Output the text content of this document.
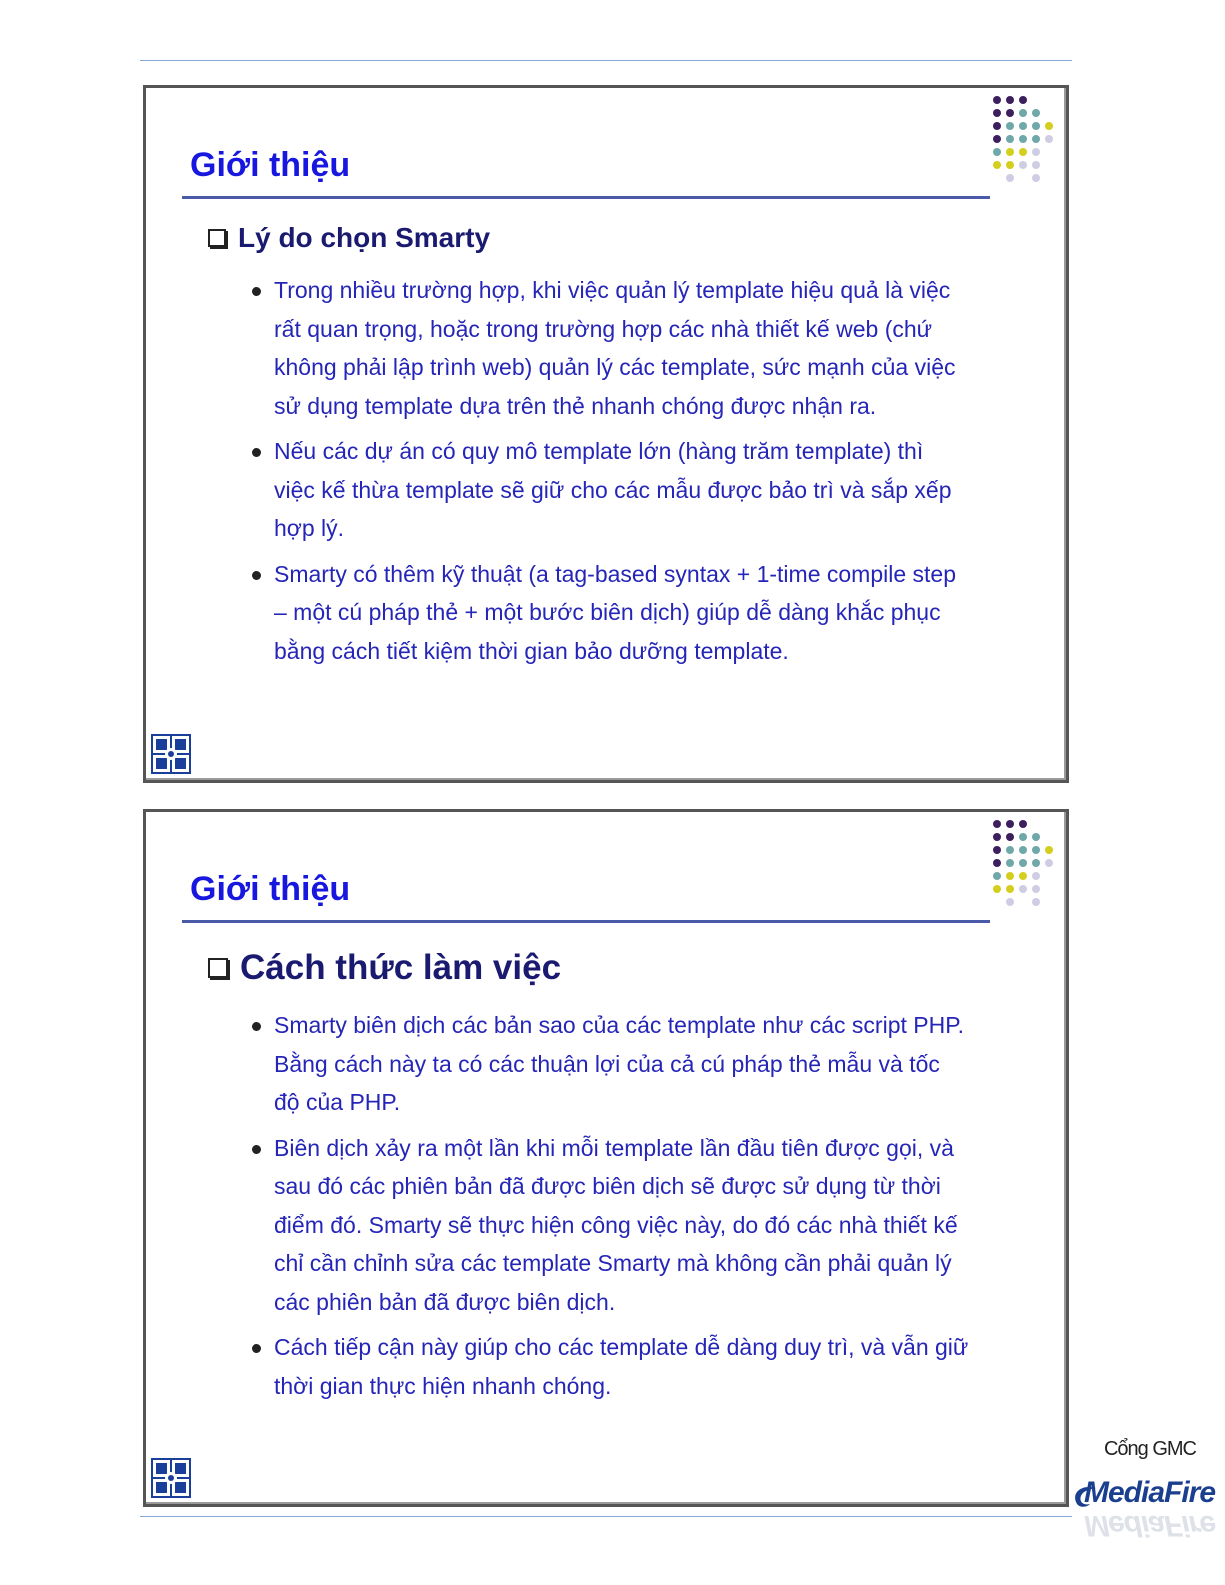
Giới thiệu
Lý do chọn Smarty
Trong nhiều trường hợp, khi việc quản lý template hiệu quả là việc rất quan trọng, hoặc trong trường hợp các nhà thiết kế web (chứ không phải lập trình web) quản lý các template, sức mạnh của việc sử dụng template dựa trên thẻ nhanh chóng được nhận ra.
Nếu các dự án có quy mô template lớn (hàng trăm template) thì việc kế thừa template sẽ giữ cho các mẫu được bảo trì và sắp xếp hợp lý.
Smarty có thêm kỹ thuật (a tag-based syntax + 1-time compile step – một cú pháp thẻ + một bước biên dịch) giúp dễ dàng khắc phục bằng cách tiết kiệm thời gian bảo dưỡng template.
Giới thiệu
Cách thức làm việc
Smarty biên dịch các bản sao của các template như các script PHP. Bằng cách này ta có các thuận lợi của cả cú pháp thẻ mẫu và tốc độ của PHP.
Biên dịch xảy ra một lần khi mỗi template lần đầu tiên được gọi, và sau đó các phiên bản đã được biên dịch sẽ được sử dụng từ thời điểm đó. Smarty sẽ thực hiện công việc này, do đó các nhà thiết kế chỉ cần chỉnh sửa các template Smarty mà không cần phải quản lý các phiên bản đã được biên dịch.
Cách tiếp cận này giúp cho các template dễ dàng duy trì, và vẫn giữ thời gian thực hiện nhanh chóng.
Cổng GMC
MediaFire
MediaFire
